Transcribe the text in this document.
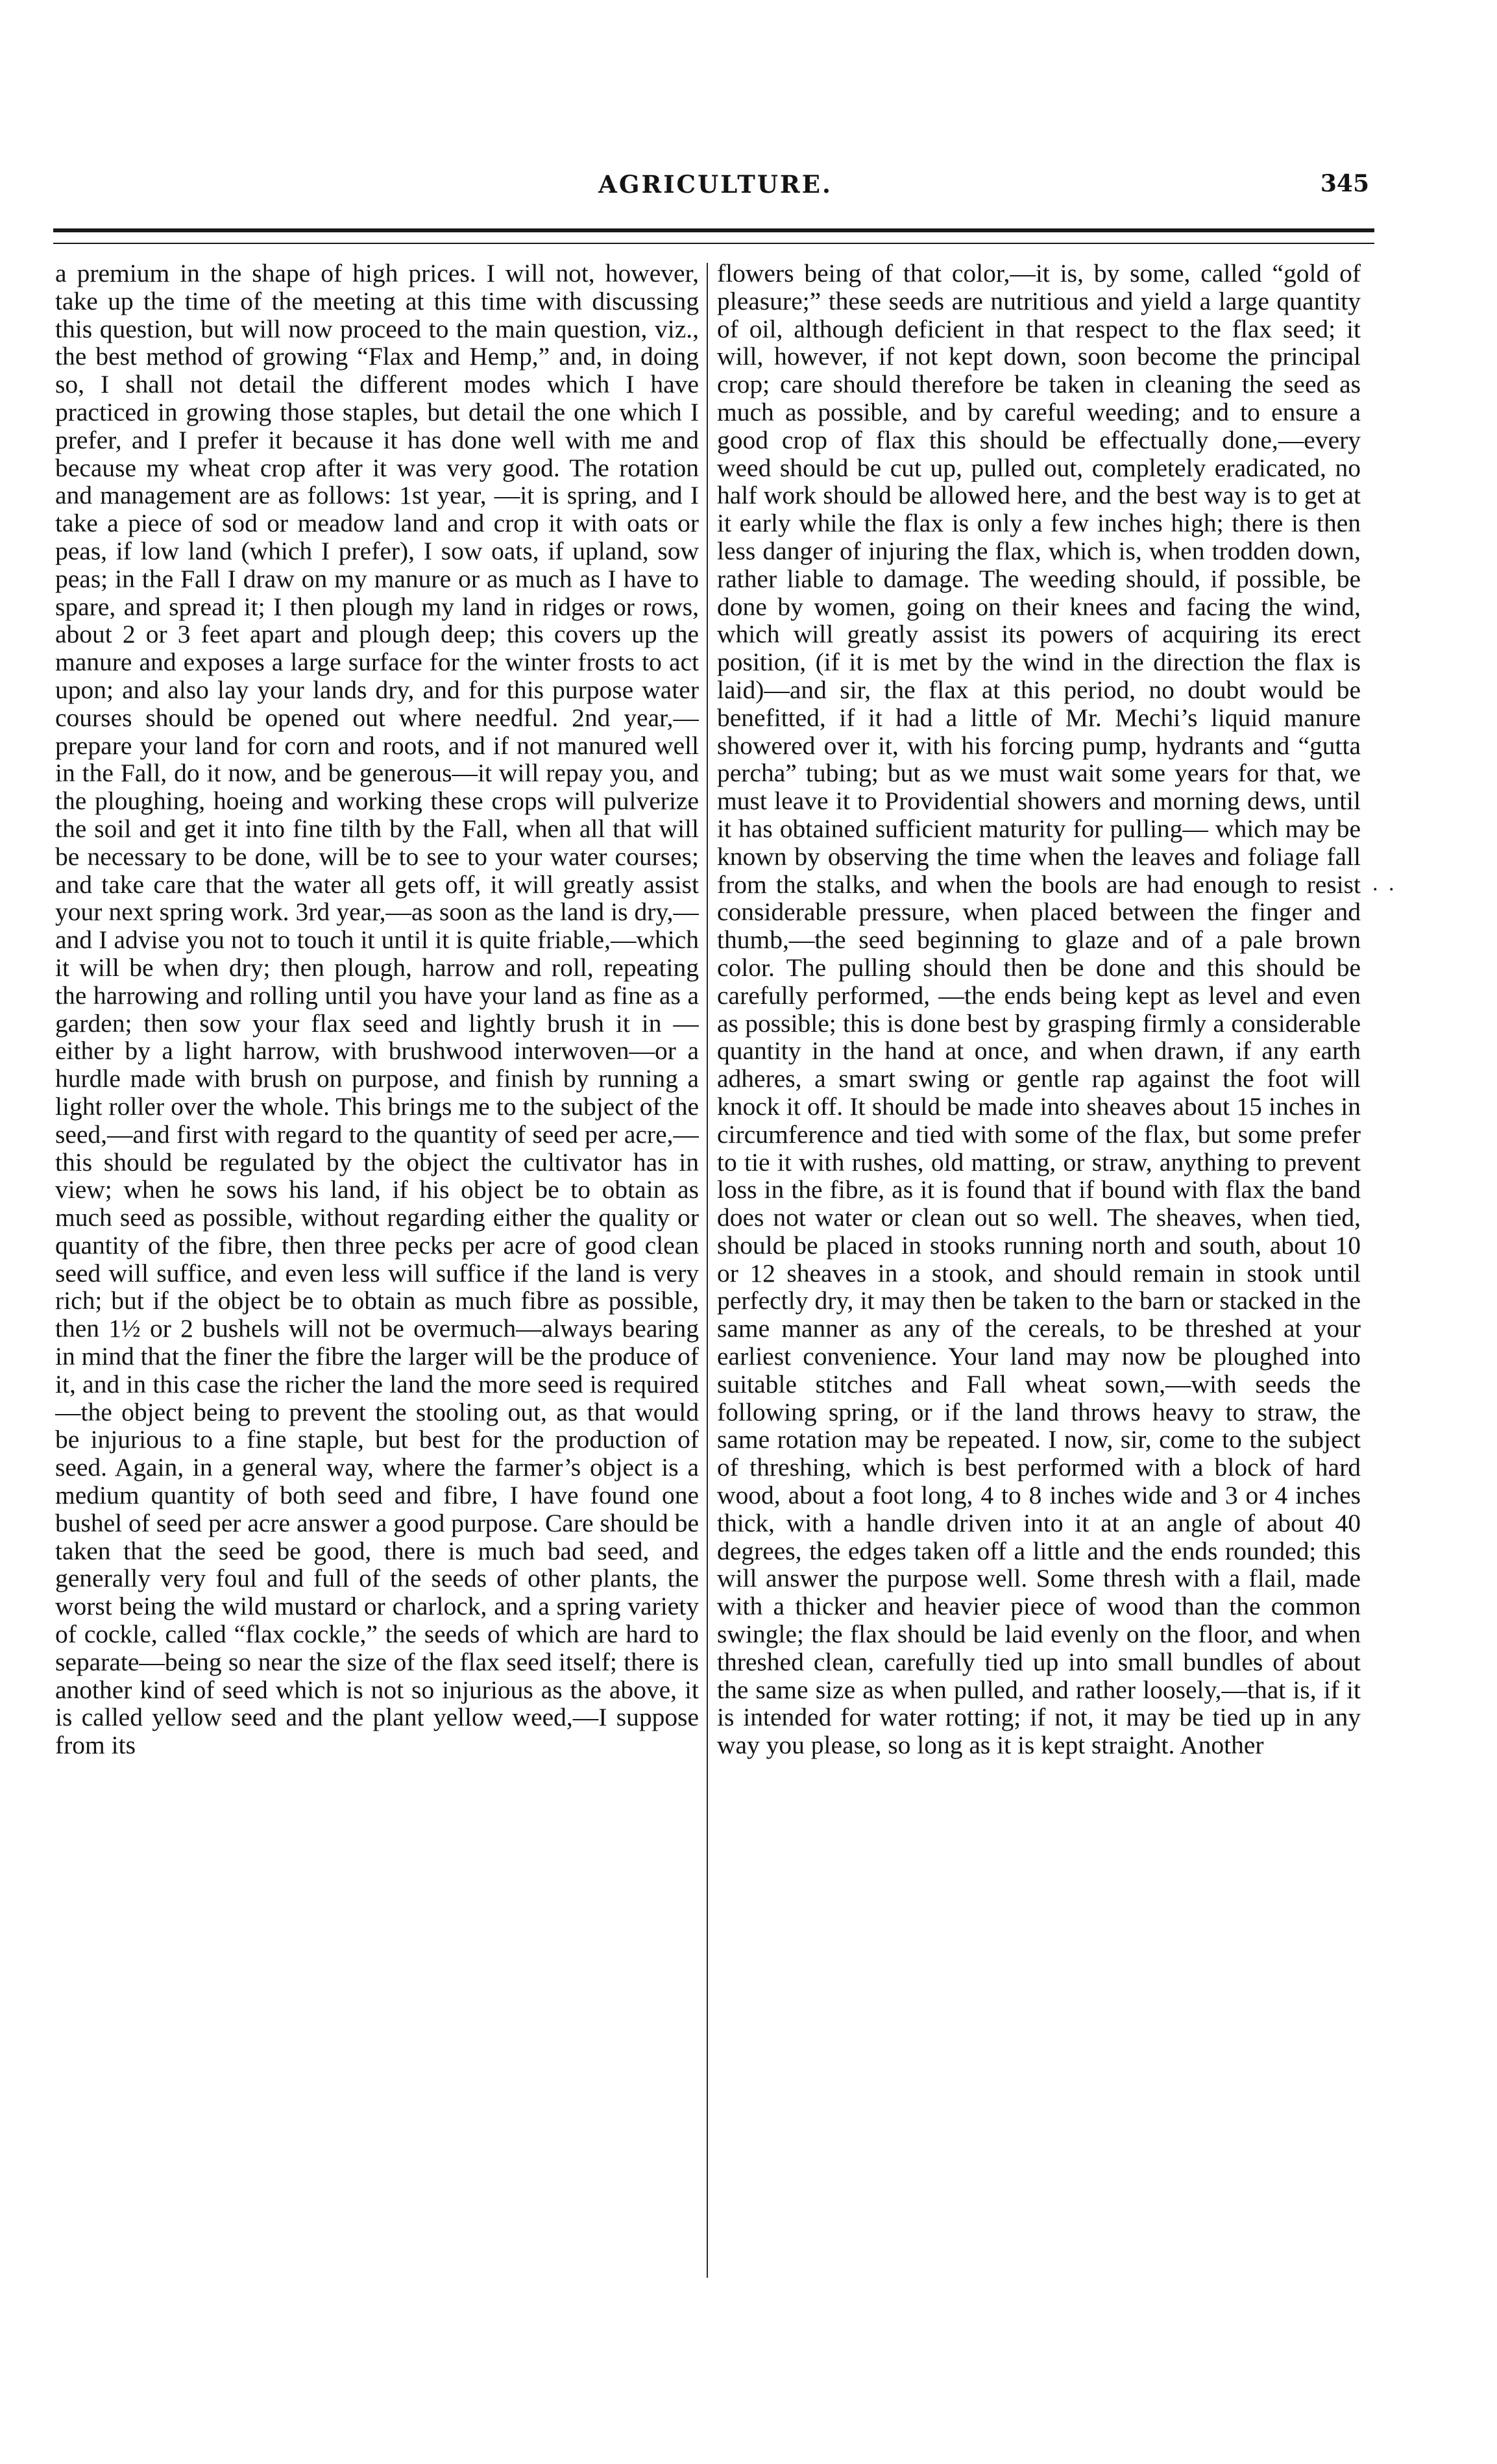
AGRICULTURE.	345

a premium in the shape of high prices. I will not, however, take up the time of the meeting at this time with discussing this question, but will now proceed to the main question, viz., the best method of growing “Flax and Hemp,” and, in doing so, I shall not detail the different modes which I have practiced in growing those staples, but detail the one which I prefer, and I prefer it because it has done well with me and because my wheat crop after it was very good. The rotation and management are as follows: 1st year, —it is spring, and I take a piece of sod or meadow land and crop it with oats or peas, if low land (which I prefer), I sow oats, if upland, sow peas; in the Fall I draw on my manure or as much as I have to spare, and spread it; I then plough my land in ridges or rows, about 2 or 3 feet apart and plough deep; this covers up the manure and exposes a large surface for the winter frosts to act upon; and also lay your lands dry, and for this purpose water courses should be opened out where needful. 2nd year,—prepare your land for corn and roots, and if not manured well in the Fall, do it now, and be generous—it will repay you, and the ploughing, hoeing and working these crops will pulverize the soil and get it into fine tilth by the Fall, when all that will be necessary to be done, will be to see to your water courses; and take care that the water all gets off, it will greatly assist your next spring work. 3rd year,—as soon as the land is dry,— and I advise you not to touch it until it is quite friable,—which it will be when dry; then plough, harrow and roll, repeating the harrowing and rolling until you have your land as fine as a garden; then sow your flax seed and lightly brush it in — either by a light harrow, with brushwood interwoven—or a hurdle made with brush on purpose, and finish by running a light roller over the whole. This brings me to the subject of the seed,—and first with regard to the quantity of seed per acre,—this should be regulated by the object the cultivator has in view; when he sows his land, if his object be to obtain as much seed as possible, without regarding either the quality or quantity of the fibre, then three pecks per acre of good clean seed will suffice, and even less will suffice if the land is very rich; but if the object be to obtain as much fibre as possible, then 1½ or 2 bushels will not be overmuch—always bearing in mind that the finer the fibre the larger will be the produce of it, and in this case the richer the land the more seed is required—the object being to prevent the stooling out, as that would be injurious to a fine staple, but best for the production of seed. Again, in a general way, where the farmer’s object is a medium quantity of both seed and fibre, I have found one bushel of seed per acre answer a good purpose. Care should be taken that the seed be good, there is much bad seed, and generally very foul and full of the seeds of other plants, the worst being the wild mustard or charlock, and a spring variety of cockle, called “flax cockle,” the seeds of which are hard to separate—being so near the size of the flax seed itself; there is another kind of seed which is not so injurious as the above, it is called yellow seed and the plant yellow weed,—I suppose from its

flowers being of that color,—it is, by some, called “gold of pleasure;” these seeds are nutritious and yield a large quantity of oil, although deficient in that respect to the flax seed; it will, however, if not kept down, soon become the principal crop; care should therefore be taken in cleaning the seed as much as possible, and by careful weeding; and to ensure a good crop of flax this should be effectually done,—every weed should be cut up, pulled out, completely eradicated, no half work should be allowed here, and the best way is to get at it early while the flax is only a few inches high; there is then less danger of injuring the flax, which is, when trodden down, rather liable to damage. The weeding should, if possible, be done by women, going on their knees and facing the wind, which will greatly assist its powers of acquiring its erect position, (if it is met by the wind in the direction the flax is laid)—and sir, the flax at this period, no doubt would be benefitted, if it had a little of Mr. Mechi’s liquid manure showered over it, with his forcing pump, hydrants and “gutta percha” tubing; but as we must wait some years for that, we must leave it to Providential showers and morning dews, until it has obtained sufficient maturity for pulling— which may be known by observing the time when the leaves and foliage fall from the stalks, and when the bools are had enough to resist considerable pressure, when placed between the finger and thumb,—the seed beginning to glaze and of a pale brown color. The pulling should then be done and this should be carefully performed, —the ends being kept as level and even as possible; this is done best by grasping firmly a considerable quantity in the hand at once, and when drawn, if any earth adheres, a smart swing or gentle rap against the foot will knock it off. It should be made into sheaves about 15 inches in circumference and tied with some of the flax, but some prefer to tie it with rushes, old matting, or straw, anything to prevent loss in the fibre, as it is found that if bound with flax the band does not water or clean out so well. The sheaves, when tied, should be placed in stooks running north and south, about 10 or 12 sheaves in a stook, and should remain in stook until perfectly dry, it may then be taken to the barn or stacked in the same manner as any of the cereals, to be threshed at your earliest convenience. Your land may now be ploughed into suitable stitches and Fall wheat sown,—with seeds the following spring, or if the land throws heavy to straw, the same rotation may be repeated. I now, sir, come to the subject of threshing, which is best performed with a block of hard wood, about a foot long, 4 to 8 inches wide and 3 or 4 inches thick, with a handle driven into it at an angle of about 40 degrees, the edges taken off a little and the ends rounded; this will answer the purpose well. Some thresh with a flail, made with a thicker and heavier piece of wood than the common swingle; the flax should be laid evenly on the floor, and when threshed clean, carefully tied up into small bundles of about the same size as when pulled, and rather loosely,—that is, if it is intended for water rotting; if not, it may be tied up in any way you please, so long as it is kept straight. Another

. .
